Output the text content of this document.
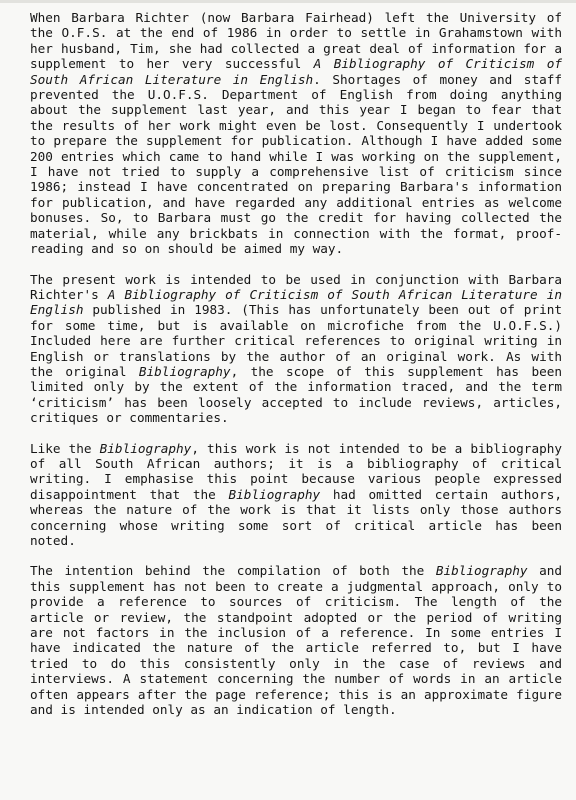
When Barbara Richter (now Barbara Fairhead) left the University of the O.F.S. at the end of 1986 in order to settle in Grahamstown with her husband, Tim, she had collected a great deal of information for a supplement to her very successful A Bibliography of Criticism of South African Literature in English. Shortages of money and staff prevented the U.O.F.S. Department of English from doing anything about the supplement last year, and this year I began to fear that the results of her work might even be lost. Consequently I undertook to prepare the supplement for publication. Although I have added some 200 entries which came to hand while I was working on the supplement, I have not tried to supply a comprehensive list of criticism since 1986; instead I have concentrated on preparing Barbara's information for publication, and have regarded any additional entries as welcome bonuses. So, to Barbara must go the credit for having collected the material, while any brickbats in connection with the format, proof-reading and so on should be aimed my way.

The present work is intended to be used in conjunction with Barbara Richter's A Bibliography of Criticism of South African Literature in English published in 1983. (This has unfortunately been out of print for some time, but is available on microfiche from the U.O.F.S.) Included here are further critical references to original writing in English or translations by the author of an original work. As with the original Bibliography, the scope of this supplement has been limited only by the extent of the information traced, and the term ‘criticism’ has been loosely accepted to include reviews, articles, critiques or commentaries.

Like the Bibliography, this work is not intended to be a bibliography of all South African authors; it is a bibliography of critical writing. I emphasise this point because various people expressed disappointment that the Bibliography had omitted certain authors, whereas the nature of the work is that it lists only those authors concerning whose writing some sort of critical article has been noted.

The intention behind the compilation of both the Bibliography and this supplement has not been to create a judgmental approach, only to provide a reference to sources of criticism. The length of the article or review, the standpoint adopted or the period of writing are not factors in the inclusion of a reference. In some entries I have indicated the nature of the article referred to, but I have tried to do this consistently only in the case of reviews and interviews. A statement concerning the number of words in an article often appears after the page reference; this is an approximate figure and is intended only as an indication of length.
